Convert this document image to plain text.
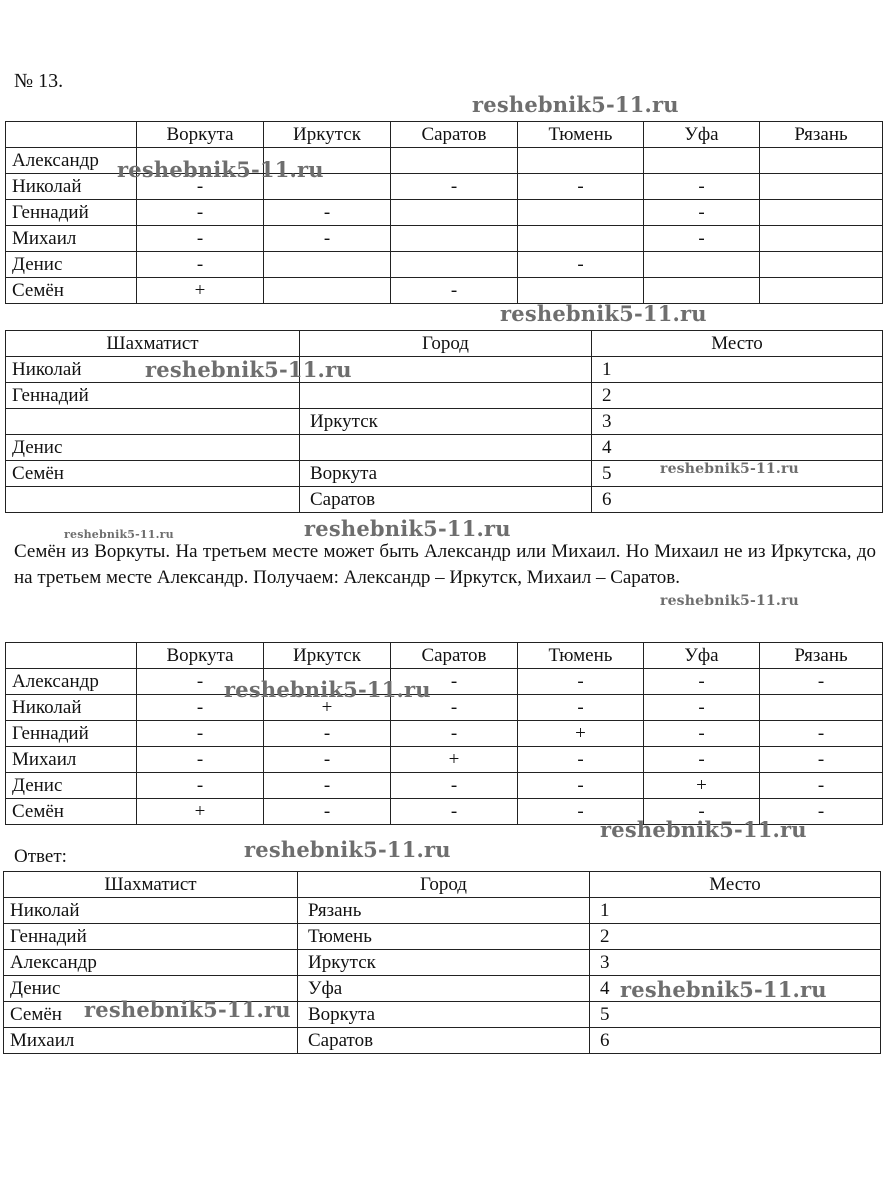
№ 13.
	Воркута	Иркутск	Саратов	Тюмень	Уфа	Рязань
Александр						
Николай	-		-	-	-	
Геннадий	-	-			-	
Михаил	-	-			-	
Денис	-			-		
Семён	+		-			
Шахматист	Город	Место
Николай		1
Геннадий		2
	Иркутск	3
Денис		4
Семён	Воркута	5
	Саратов	6
Семён из Воркуты. На третьем месте может быть Александр или Михаил. Но Михаил не из Иркутска, до на третьем месте Александр. Получаем: Александр – Иркутск, Михаил – Саратов.
	Воркута	Иркутск	Саратов	Тюмень	Уфа	Рязань
Александр	-		-	-	-	-
Николай	-	+	-	-	-	
Геннадий	-	-	-	+	-	-
Михаил	-	-	+	-	-	-
Денис	-	-	-	-	+	-
Семён	+	-	-	-	-	-
Ответ:
Шахматист	Город	Место
Николай	Рязань	1
Геннадий	Тюмень	2
Александр	Иркутск	3
Денис	Уфа	4
Семён	Воркута	5
Михаил	Саратов	6
reshebnik5-11.ru
reshebnik5-11.ru
reshebnik5-11.ru
reshebnik5-11.ru
reshebnik5-11.ru
reshebnik5-11.ru	reshebnik5-11.ru
reshebnik5-11.ru
reshebnik5-11.ru
reshebnik5-11.ru
reshebnik5-11.ru
reshebnik5-11.ru
reshebnik5-11.ru
